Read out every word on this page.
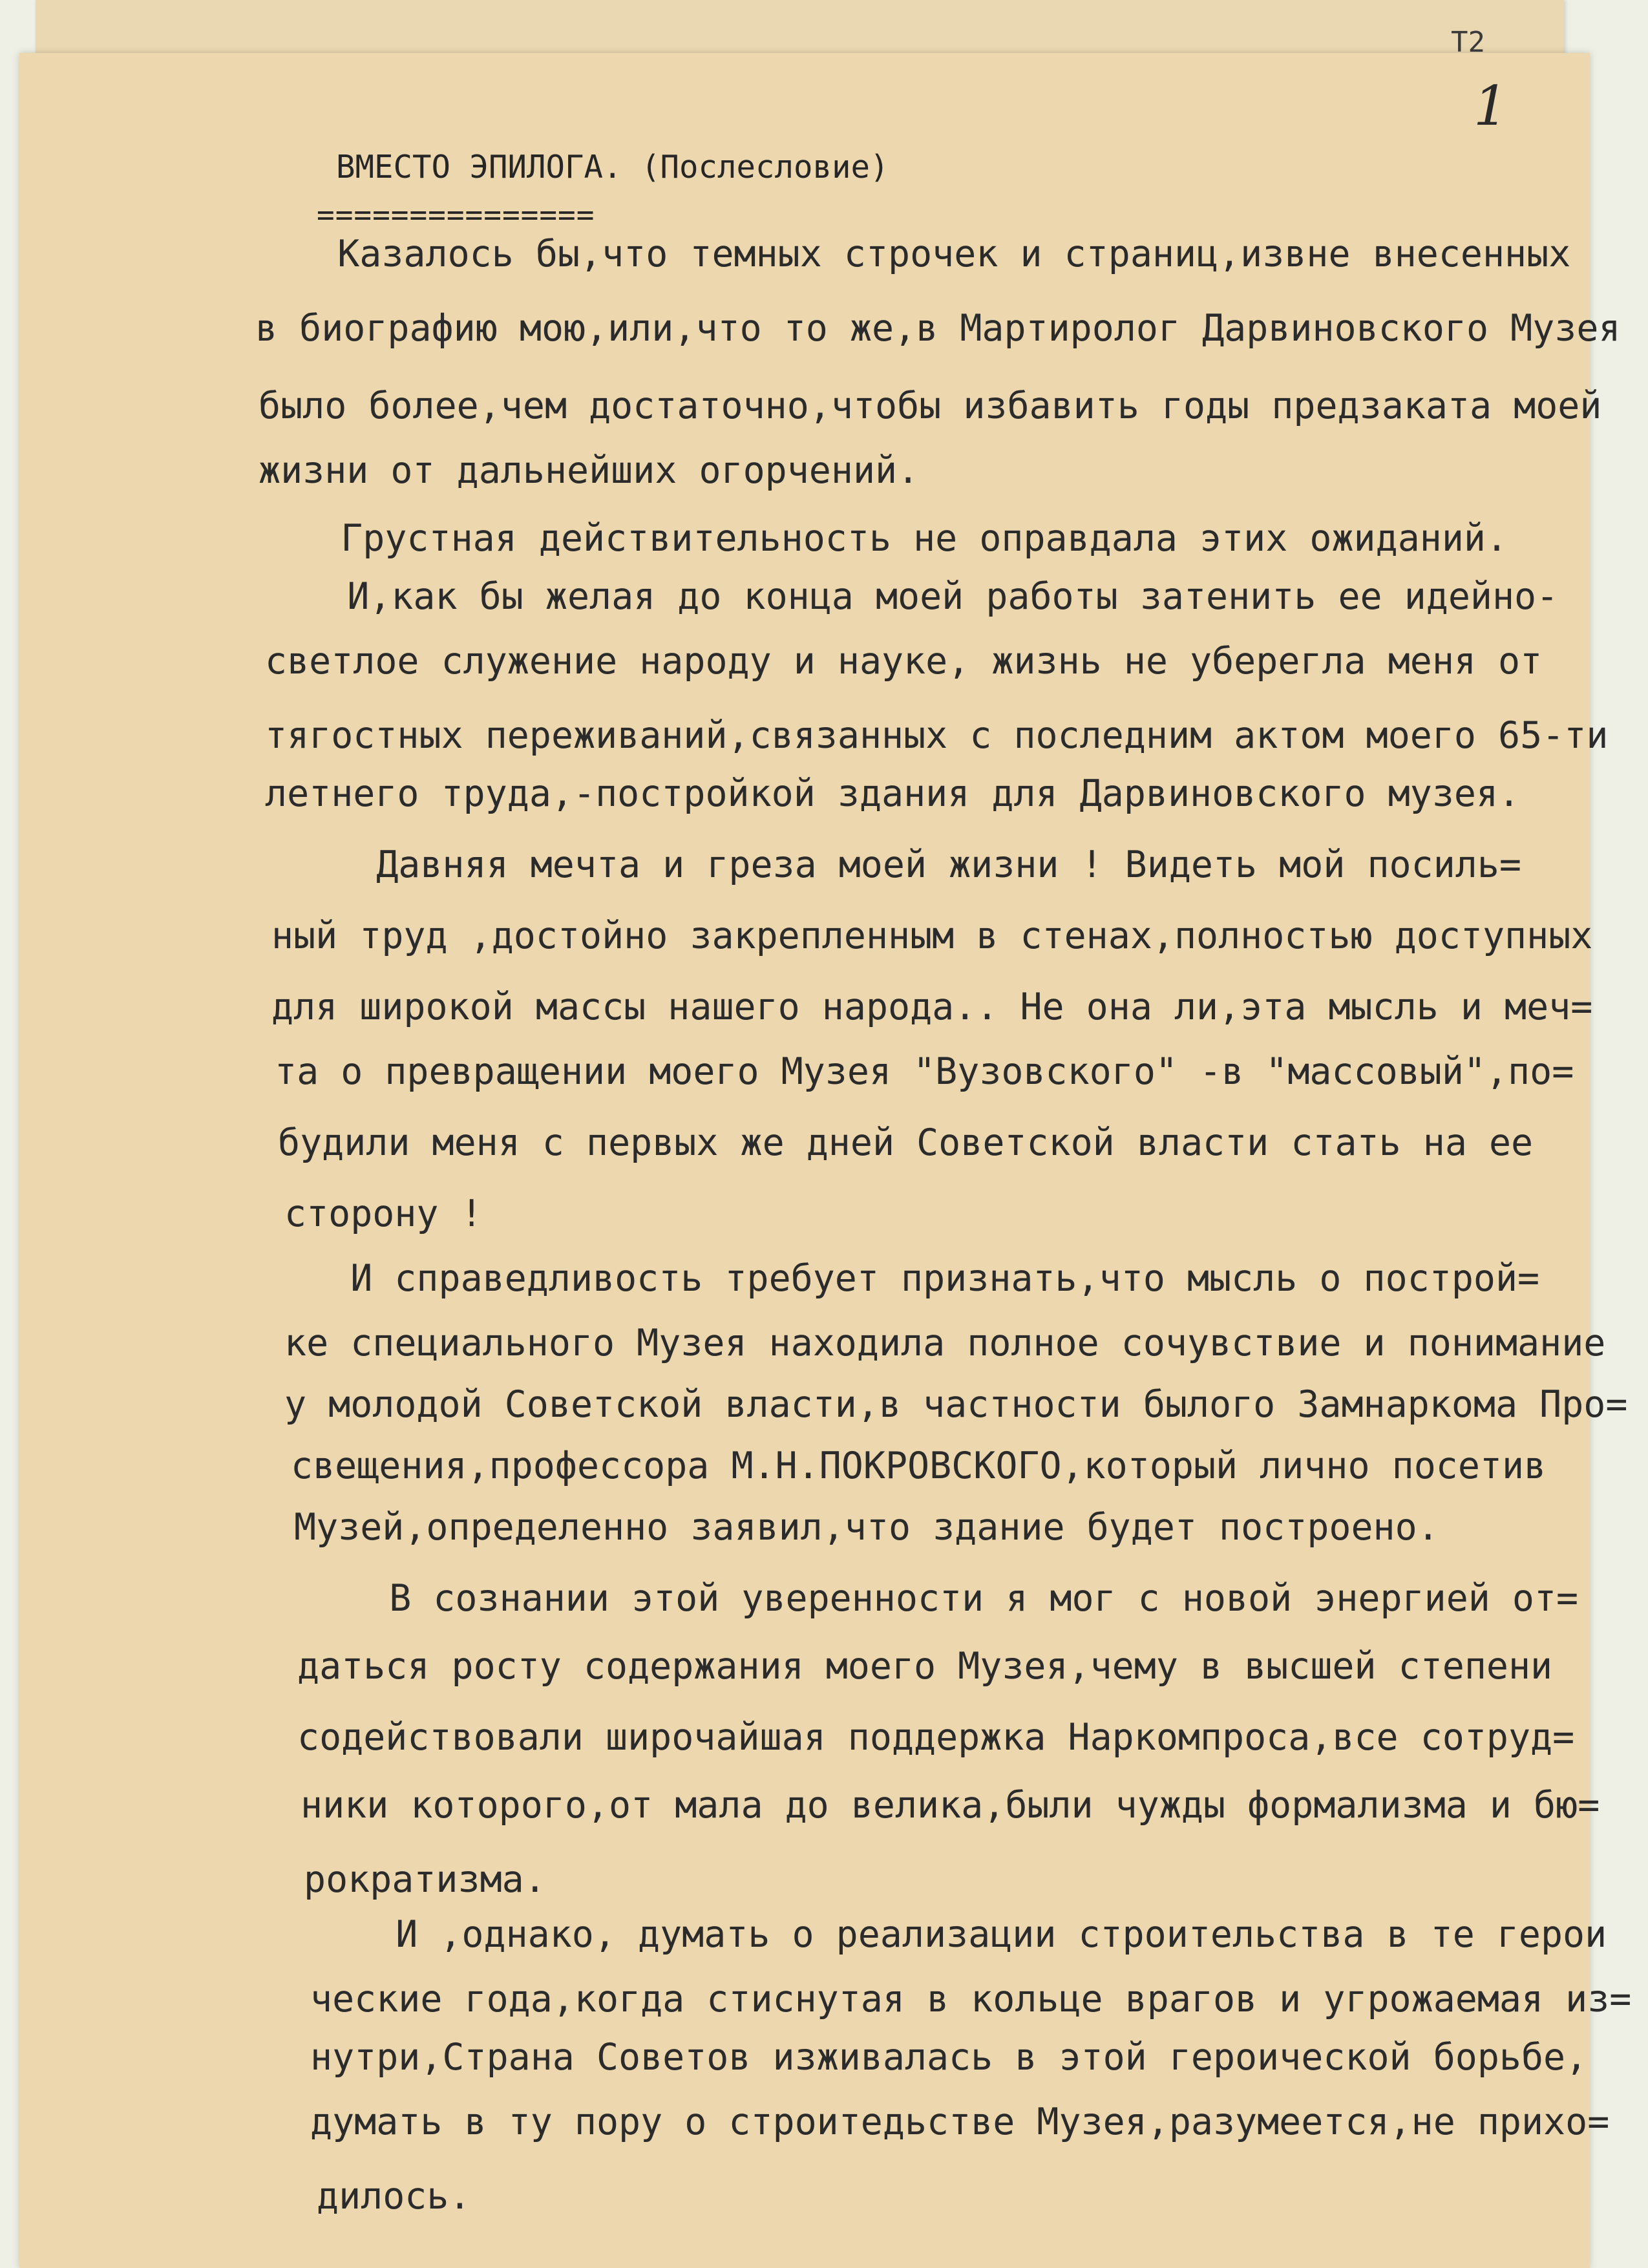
Т2
1
ВМЕСТО ЭПИЛОГА. (Послесловие)
===============
Казалось бы,что темных строчек и страниц,извне внесенных
в биографию мою,или,что то же,в Мартиролог Дарвиновского Музея
было более,чем достаточно,чтобы избавить годы предзаката моей
жизни от дальнейших огорчений.
Грустная действительность не оправдала этих ожиданий.
И,как бы желая до конца моей работы затенить ее идейно-
светлое служение народу и науке, жизнь не уберегла меня от
тягостных переживаний,связанных с последним актом моего 65-ти
летнего труда,-постройкой здания для Дарвиновского музея.
Давняя мечта и греза моей жизни ! Видеть мой посиль=
ный труд ,достойно закрепленным в стенах,полностью доступных
для широкой массы нашего народа.. Не она ли,эта мысль и меч=
та о превращении моего Музея "Вузовского" -в "массовый",по=
будили меня с первых же дней Советской власти стать на ее
сторону !
И справедливость требует признать,что мысль о построй=
ке специального Музея находила полное сочувствие и понимание
у молодой Советской власти,в частности былого Замнаркома Про=
свещения,профессора М.Н.ПОКРОВСКОГО,который лично посетив
Музей,определенно заявил,что здание будет построено.
В сознании этой уверенности я мог с новой энергией от=
даться росту содержания моего Музея,чему в высшей степени
содействовали широчайшая поддержка Наркомпроса,все сотруд=
ники которого,от мала до велика,были чужды формализма и бю=
рократизма.
И ,однако, думать о реализации строительства в те герои
ческие года,когда стиснутая в кольце врагов и угрожаемая из=
нутри,Страна Советов изживалась в этой героической борьбе,
думать в ту пору о строитедьстве Музея,разумеется,не прихо=
дилось.
